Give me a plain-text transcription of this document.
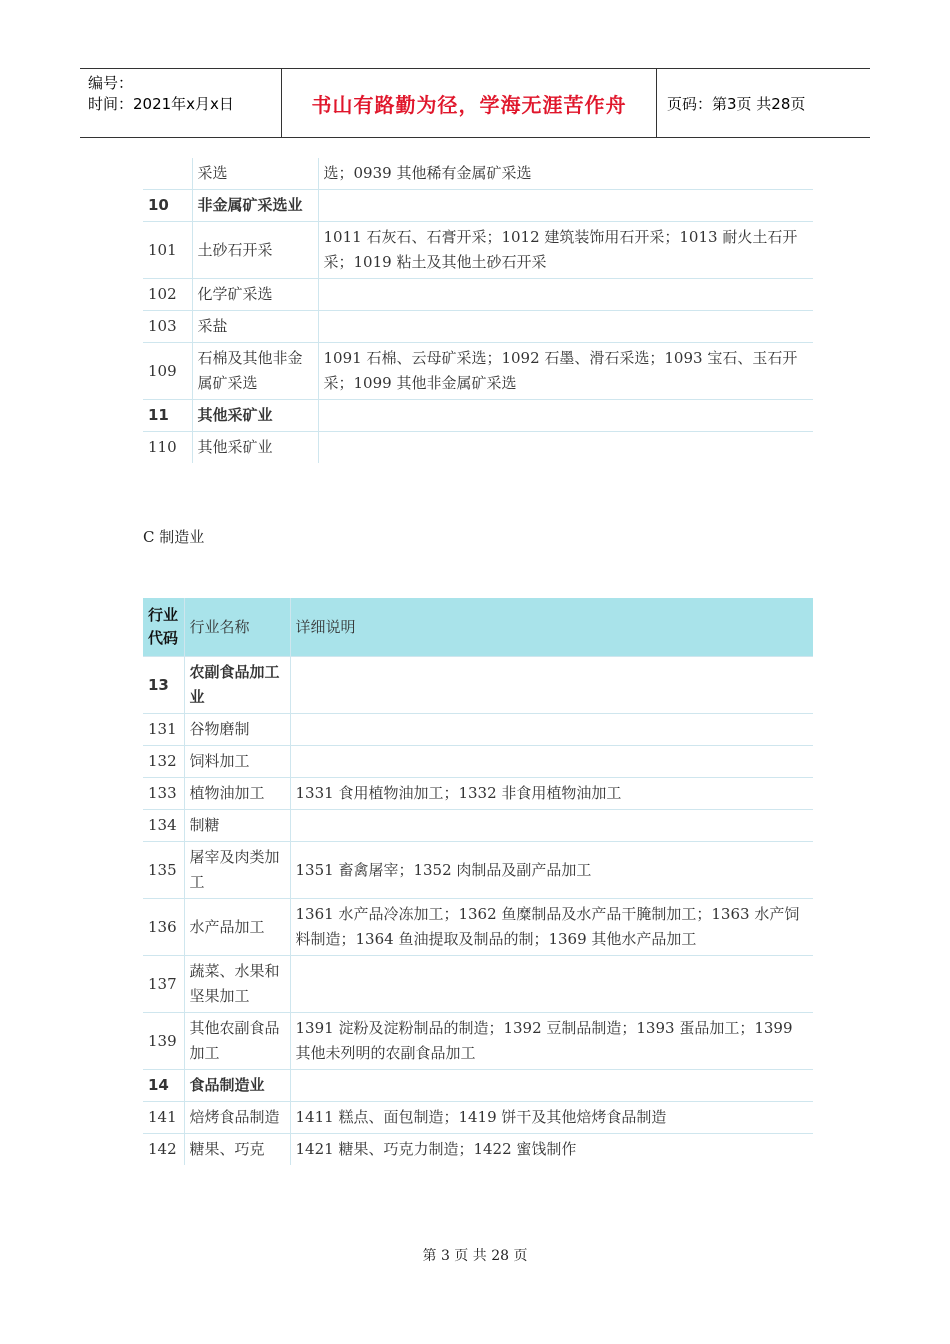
编号：
时间：2021年x月x日	书山有路勤为径，学海无涯苦作舟	页码：第3页 共28页
	采选	选；0939 其他稀有金属矿采选
10	非金属矿采选业	
101	土砂石开采	1011 石灰石、石膏开采；1012 建筑装饰用石开采；1013 耐火土石开采；1019 粘土及其他土砂石开采
102	化学矿采选	
103	采盐	
109	石棉及其他非金属矿采选	1091 石棉、云母矿采选；1092 石墨、滑石采选；1093 宝石、玉石开采；1099 其他非金属矿采选
11	其他采矿业	
110	其他采矿业	
C 制造业
行业代码	行业名称	详细说明
13	农副食品加工业	
131	谷物磨制	
132	饲料加工	
133	植物油加工	1331 食用植物油加工；1332 非食用植物油加工
134	制糖	
135	屠宰及肉类加工	1351 畜禽屠宰；1352 肉制品及副产品加工
136	水产品加工	1361 水产品冷冻加工；1362 鱼糜制品及水产品干腌制加工；1363 水产饲料制造；1364 鱼油提取及制品的制；1369 其他水产品加工
137	蔬菜、水果和坚果加工	
139	其他农副食品加工	1391 淀粉及淀粉制品的制造；1392 豆制品制造；1393 蛋品加工；1399 其他未列明的农副食品加工
14	食品制造业	
141	焙烤食品制造	1411 糕点、面包制造；1419 饼干及其他焙烤食品制造
142	糖果、巧克	1421 糖果、巧克力制造；1422 蜜饯制作
第 3 页 共 28 页
